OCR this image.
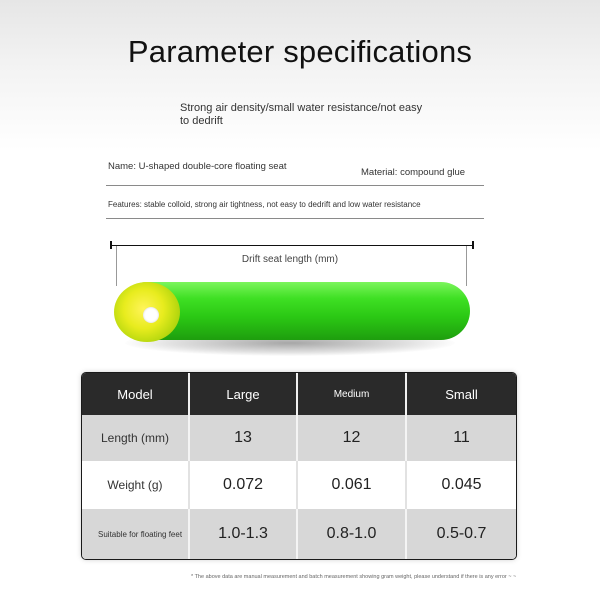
Parameter specifications
Strong air density/small water resistance/not easy to dedrift
Name: U-shaped double-core floating seat
Material: compound glue
Features: stable colloid, strong air tightness, not easy to dedrift and low water resistance
Drift seat length (mm)
Model	Large	Medium	Small
Length (mm)	13	12	11
Weight (g)	0.072	0.061	0.045
Suitable for floating feet	1.0-1.3	0.8-1.0	0.5-0.7
* The above data are manual measurement and batch measurement showing gram weight, please understand if there is any error ~ ~
